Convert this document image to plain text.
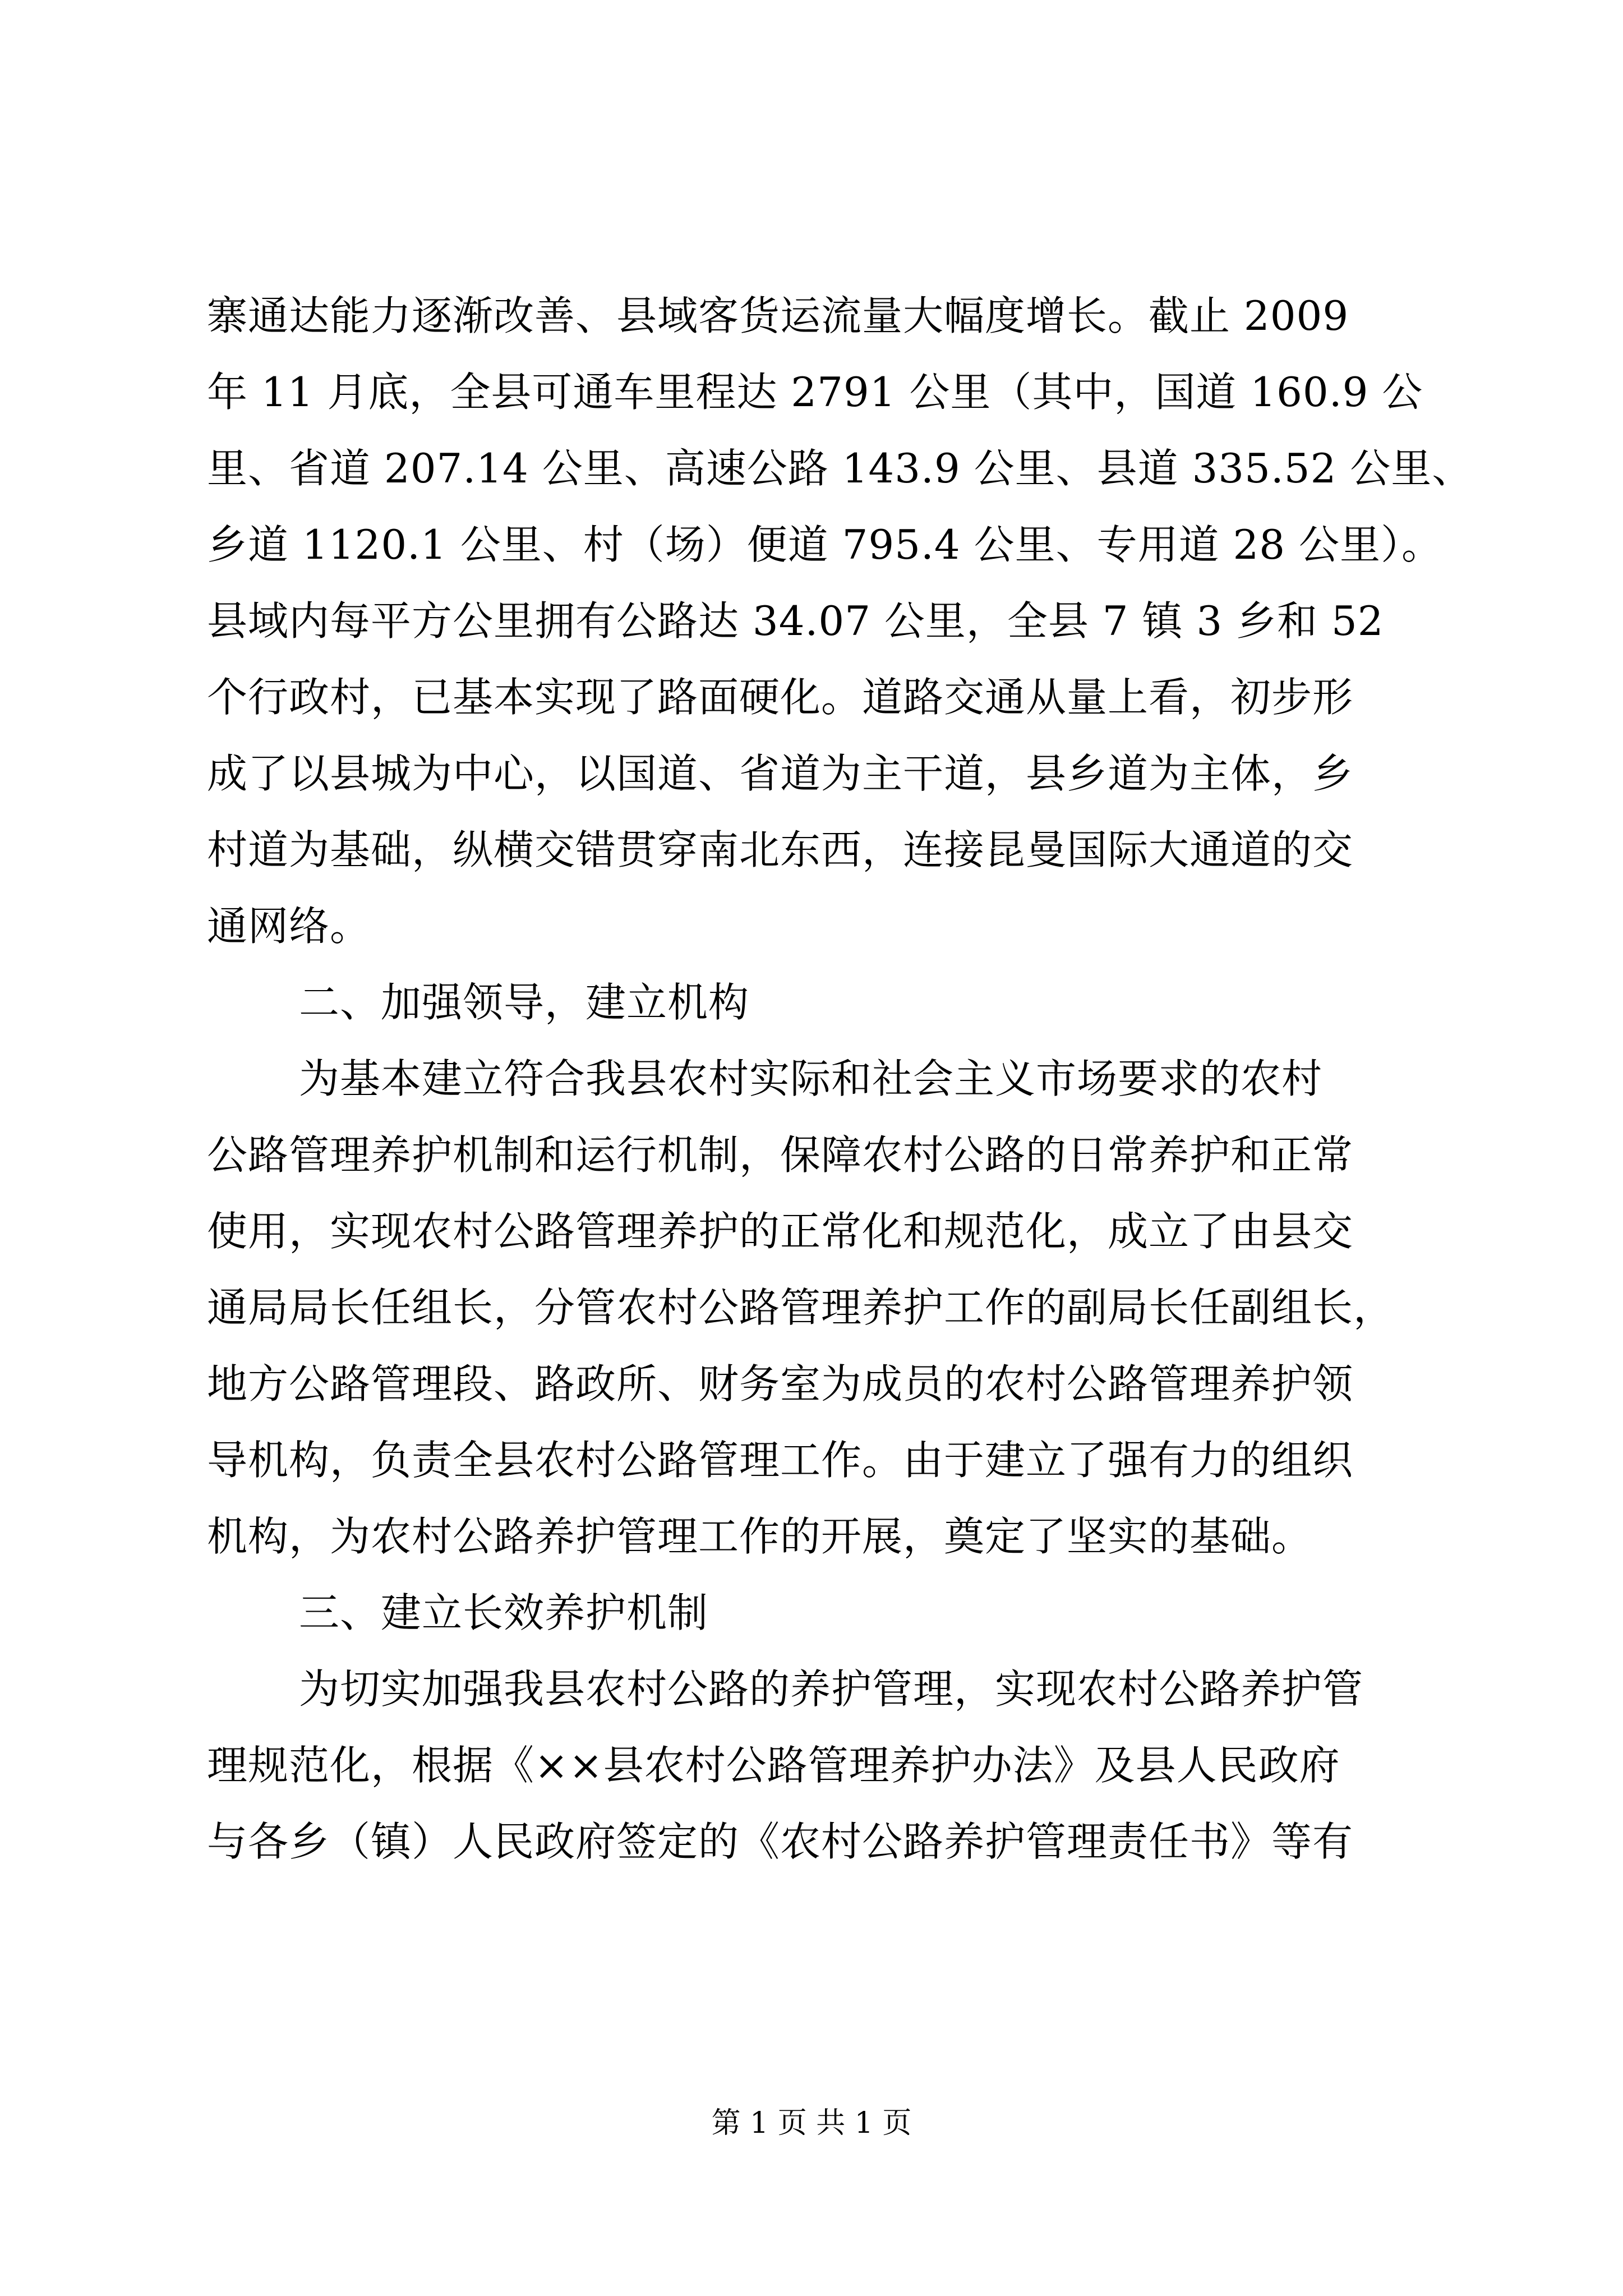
寨通达能力逐渐改善、县域客货运流量大幅度增长。截止 2009
年 11 月底，全县可通车里程达 2791 公里（其中，国道 160.9 公
里、省道 207.14 公里、高速公路 143.9 公里、县道 335.52 公里、
乡道 1120.1 公里、村（场）便道 795.4 公里、专用道 28 公里）。
县域内每平方公里拥有公路达 34.07 公里，全县 7 镇 3 乡和 52
个行政村，已基本实现了路面硬化。道路交通从量上看，初步形
成了以县城为中心，以国道、省道为主干道，县乡道为主体，乡
村道为基础，纵横交错贯穿南北东西，连接昆曼国际大通道的交
通网络。
二、加强领导，建立机构
为基本建立符合我县农村实际和社会主义市场要求的农村
公路管理养护机制和运行机制，保障农村公路的日常养护和正常
使用，实现农村公路管理养护的正常化和规范化，成立了由县交
通局局长任组长，分管农村公路管理养护工作的副局长任副组长，
地方公路管理段、路政所、财务室为成员的农村公路管理养护领
导机构，负责全县农村公路管理工作。由于建立了强有力的组织
机构，为农村公路养护管理工作的开展，奠定了坚实的基础。
三、建立长效养护机制
为切实加强我县农村公路的养护管理，实现农村公路养护管
理规范化，根据《××县农村公路管理养护办法》及县人民政府
与各乡（镇）人民政府签定的《农村公路养护管理责任书》等有
第 1 页 共 1 页
